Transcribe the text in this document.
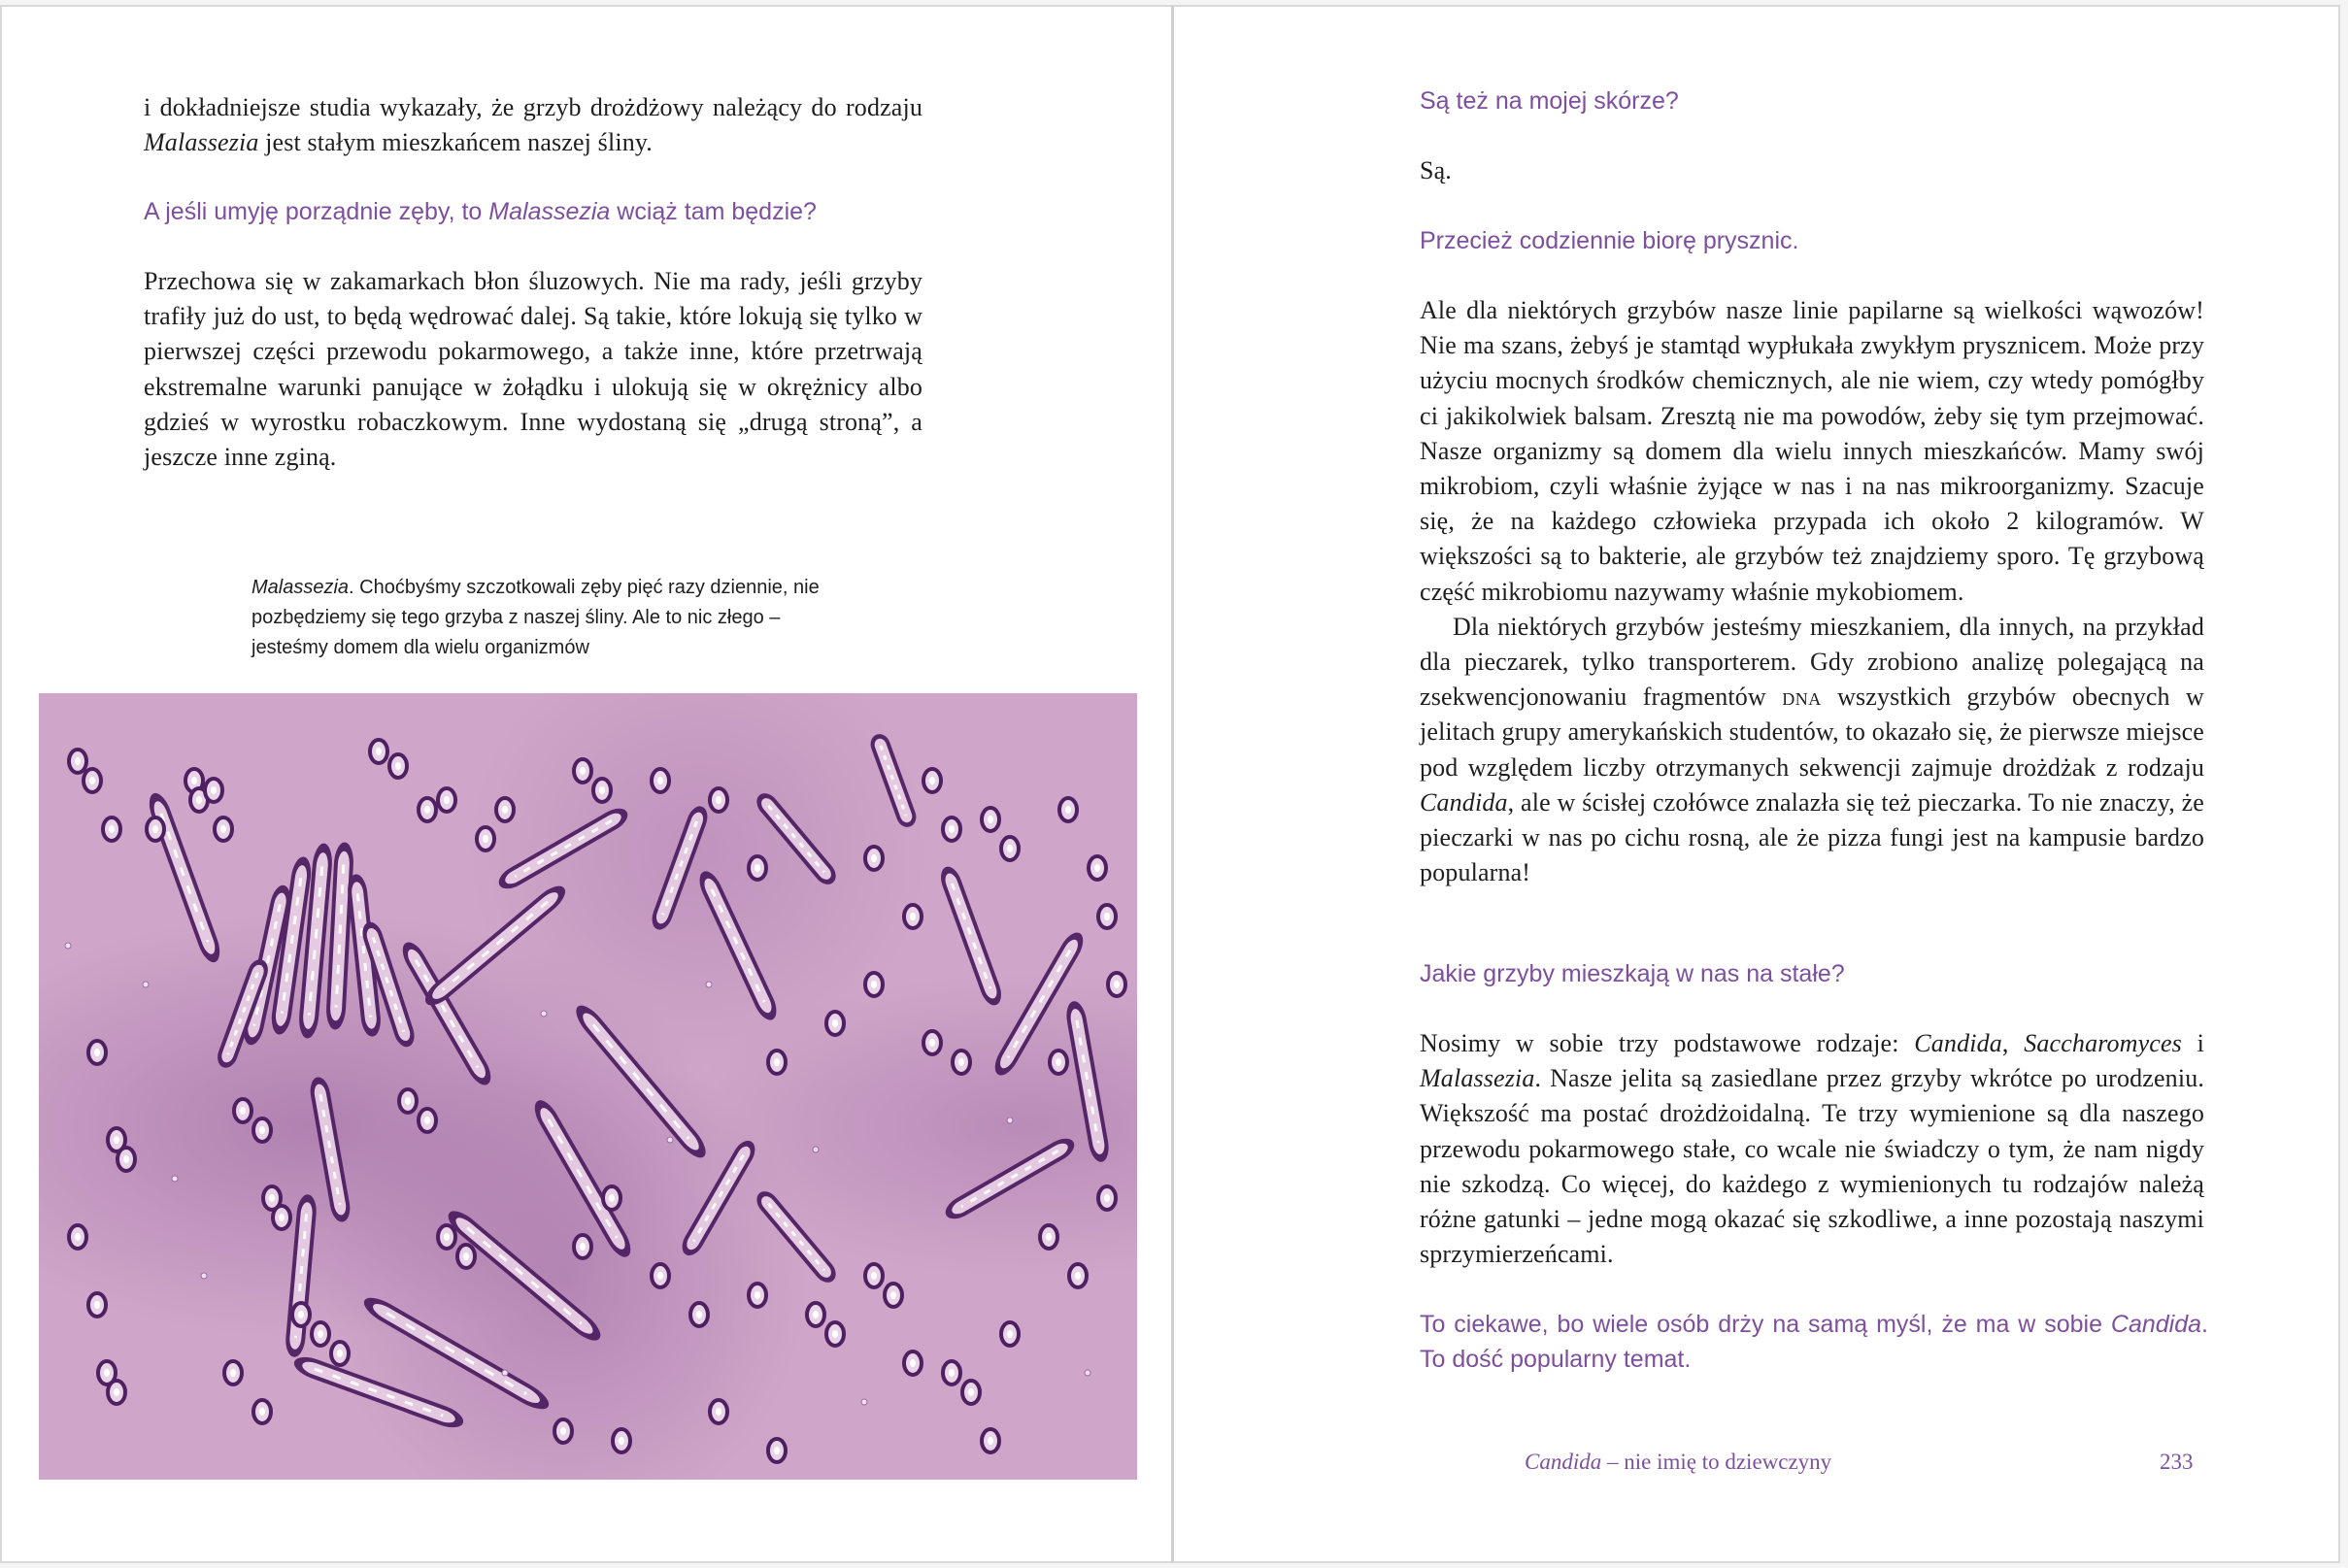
i dokładniejsze studia wykazały, że grzyb drożdżowy należący do rodzaju Malassezia jest stałym mieszkańcem naszej śliny.

A jeśli umyję porządnie zęby, to Malassezia wciąż tam będzie?

Przechowa się w zakamarkach błon śluzowych. Nie ma rady, jeśli grzyby trafiły już do ust, to będą wędrować dalej. Są takie, które lokują się tylko w pierwszej części przewodu pokarmowego, a także inne, które przetrwają ekstremalne warunki panujące w żołądku i ulokują się w okrężnicy albo gdzieś w wyrostku robaczkowym. Inne wydostaną się „drugą stroną”, a jeszcze inne zginą.

Malassezia. Choćbyśmy szczotkowali zęby pięć razy dziennie, nie pozbędziemy się tego grzyba z naszej śliny. Ale to nic złego – jesteśmy domem dla wielu organizmów
Są też na mojej skórze?

Są.

Przecież codziennie biorę prysznic.

Ale dla niektórych grzybów nasze linie papilarne są wielkości wąwozów! Nie ma szans, żebyś je stamtąd wypłukała zwykłym prysznicem. Może przy użyciu mocnych środków chemicznych, ale nie wiem, czy wtedy pomógłby ci jakikolwiek balsam. Zresztą nie ma powodów, żeby się tym przejmować. Nasze organizmy są domem dla wielu innych mieszkańców. Mamy swój mikrobiom, czyli właśnie żyjące w nas i na nas mikroorganizmy. Szacuje się, że na każdego człowieka przypada ich około 2 kilogramów. W większości są to bakterie, ale grzybów też znajdziemy sporo. Tę grzybową część mikrobiomu nazywamy właśnie mykobiomem.

Dla niektórych grzybów jesteśmy mieszkaniem, dla innych, na przykład dla pieczarek, tylko transporterem. Gdy zrobiono analizę polegającą na zsekwencjonowaniu fragmentów dna wszystkich grzybów obecnych w jelitach grupy amerykańskich studentów, to okazało się, że pierwsze miejsce pod względem liczby otrzymanych sekwencji zajmuje drożdżak z rodzaju Candida, ale w ścisłej czołówce znalazła się też pieczarka. To nie znaczy, że pieczarki w nas po cichu rosną, ale że pizza fungi jest na kampusie bardzo popularna!

Jakie grzyby mieszkają w nas na stałe?

Nosimy w sobie trzy podstawowe rodzaje: Candida, Saccharomyces i Malassezia. Nasze jelita są zasiedlane przez grzyby wkrótce po urodzeniu. Większość ma postać drożdżoidalną. Te trzy wymienione są dla naszego przewodu pokarmowego stałe, co wcale nie świadczy o tym, że nam nigdy nie szkodzą. Co więcej, do każdego z wymienionych tu rodzajów należą różne gatunki – jedne mogą okazać się szkodliwe, a inne pozostają naszymi sprzymierzeńcami.

To ciekawe, bo wiele osób drży na samą myśl, że ma w sobie Candida. To dość popularny temat.
Candida – nie imię to dziewczyny	233
